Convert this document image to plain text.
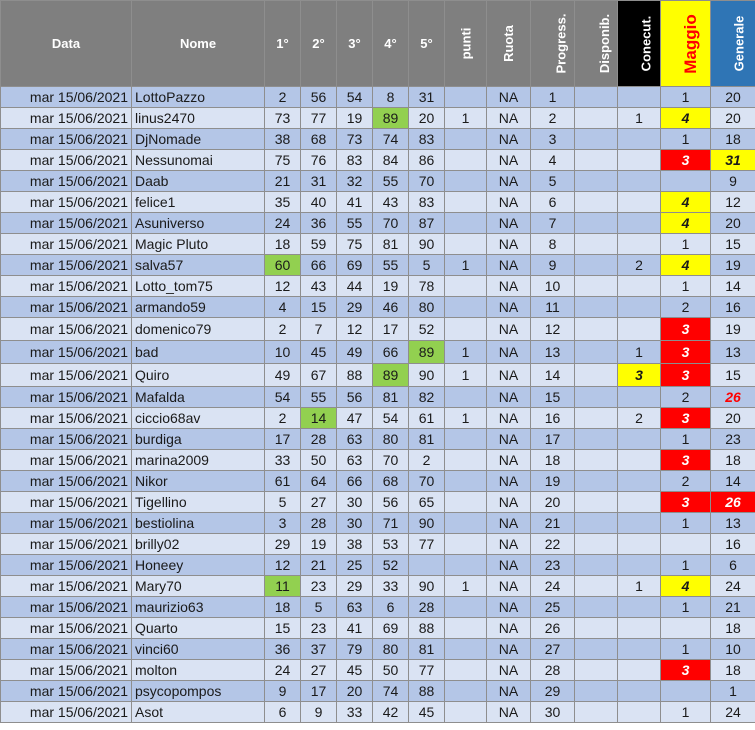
Data	Nome	1°	2°	3°	4°	5°	punti	Ruota	Progress.	Disponib.	Conecut.	Maggio	Generale
mar 15/06/2021	LottoPazzo	2	56	54	8	31		NA	1			1	20
mar 15/06/2021	linus2470	73	77	19	89	20	1	NA	2		1	4	20
mar 15/06/2021	DjNomade	38	68	73	74	83		NA	3			1	18
mar 15/06/2021	Nessunomai	75	76	83	84	86		NA	4			3	31
mar 15/06/2021	Daab	21	31	32	55	70		NA	5				9
mar 15/06/2021	felice1	35	40	41	43	83		NA	6			4	12
mar 15/06/2021	Asuniverso	24	36	55	70	87		NA	7			4	20
mar 15/06/2021	Magic Pluto	18	59	75	81	90		NA	8			1	15
mar 15/06/2021	salva57	60	66	69	55	5	1	NA	9		2	4	19
mar 15/06/2021	Lotto_tom75	12	43	44	19	78		NA	10			1	14
mar 15/06/2021	armando59	4	15	29	46	80		NA	11			2	16
mar 15/06/2021	domenico79	2	7	12	17	52		NA	12			3	19
mar 15/06/2021	bad	10	45	49	66	89	1	NA	13		1	3	13
mar 15/06/2021	Quiro	49	67	88	89	90	1	NA	14		3	3	15
mar 15/06/2021	Mafalda	54	55	56	81	82		NA	15			2	26
mar 15/06/2021	ciccio68av	2	14	47	54	61	1	NA	16		2	3	20
mar 15/06/2021	burdiga	17	28	63	80	81		NA	17			1	23
mar 15/06/2021	marina2009	33	50	63	70	2		NA	18			3	18
mar 15/06/2021	Nikor	61	64	66	68	70		NA	19			2	14
mar 15/06/2021	Tigellino	5	27	30	56	65		NA	20			3	26
mar 15/06/2021	bestiolina	3	28	30	71	90		NA	21			1	13
mar 15/06/2021	brilly02	29	19	38	53	77		NA	22				16
mar 15/06/2021	Honeey	12	21	25	52			NA	23			1	6
mar 15/06/2021	Mary70	11	23	29	33	90	1	NA	24		1	4	24
mar 15/06/2021	maurizio63	18	5	63	6	28		NA	25			1	21
mar 15/06/2021	Quarto	15	23	41	69	88		NA	26				18
mar 15/06/2021	vinci60	36	37	79	80	81		NA	27			1	10
mar 15/06/2021	molton	24	27	45	50	77		NA	28			3	18
mar 15/06/2021	psycopompos	9	17	20	74	88		NA	29				1
mar 15/06/2021	Asot	6	9	33	42	45		NA	30			1	24
